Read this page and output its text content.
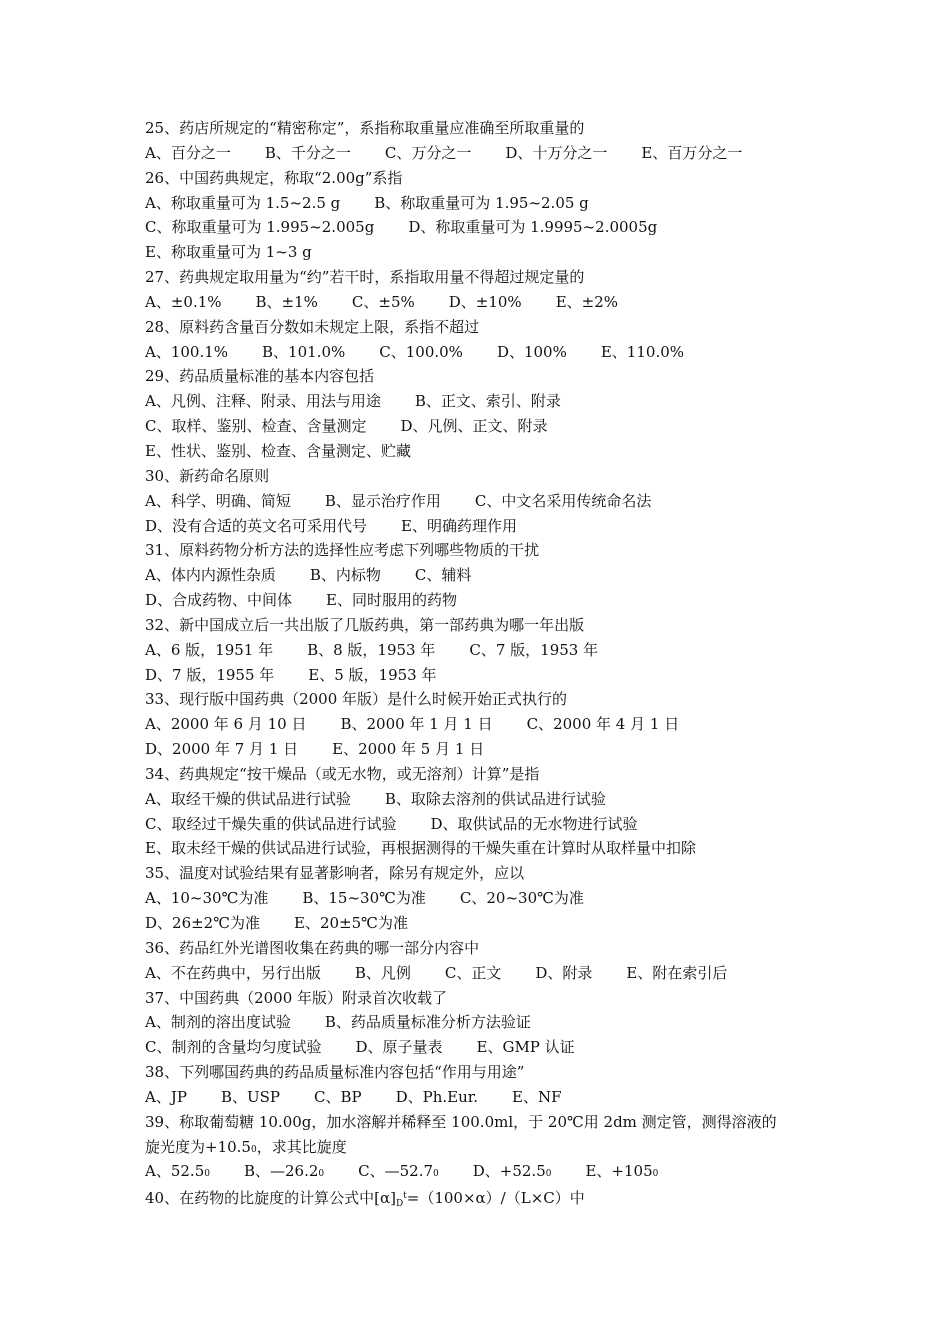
25、药店所规定的“精密称定”，系指称取重量应准确至所取重量的
A、百分之一 B、千分之一 C、万分之一 D、十万分之一 E、百万分之一
26、中国药典规定，称取“2.00g”系指
A、称取重量可为 1.5~2.5 g B、称取重量可为 1.95~2.05 g
C、称取重量可为 1.995~2.005g D、称取重量可为 1.9995~2.0005g
E、称取重量可为 1~3 g
27、药典规定取用量为“约”若干时，系指取用量不得超过规定量的
A、±0.1% B、±1% C、±5% D、±10% E、±2%
28、原料药含量百分数如未规定上限，系指不超过
A、100.1% B、101.0% C、100.0% D、100% E、110.0%
29、药品质量标准的基本内容包括
A、凡例、注释、附录、用法与用途 B、正文、索引、附录
C、取样、鉴别、检查、含量测定 D、凡例、正文、附录
E、性状、鉴别、检查、含量测定、贮藏
30、新药命名原则
A、科学、明确、简短 B、显示治疗作用 C、中文名采用传统命名法
D、没有合适的英文名可采用代号 E、明确药理作用
31、原料药物分析方法的选择性应考虑下列哪些物质的干扰
A、体内内源性杂质 B、内标物 C、辅料
D、合成药物、中间体 E、同时服用的药物
32、新中国成立后一共出版了几版药典，第一部药典为哪一年出版
A、6 版，1951 年 B、8 版，1953 年 C、7 版，1953 年
D、7 版，1955 年 E、5 版，1953 年
33、现行版中国药典（2000 年版）是什么时候开始正式执行的
A、2000 年 6 月 10 日 B、2000 年 1 月 1 日 C、2000 年 4 月 1 日
D、2000 年 7 月 1 日 E、2000 年 5 月 1 日
34、药典规定“按干燥品（或无水物，或无溶剂）计算”是指
A、取经干燥的供试品进行试验 B、取除去溶剂的供试品进行试验
C、取经过干燥失重的供试品进行试验 D、取供试品的无水物进行试验
E、取未经干燥的供试品进行试验，再根据测得的干燥失重在计算时从取样量中扣除
35、温度对试验结果有显著影响者，除另有规定外，应以
A、10~30℃为准 B、15~30℃为准 C、20~30℃为准
D、26±2℃为准 E、20±5℃为准
36、药品红外光谱图收集在药典的哪一部分内容中
A、不在药典中，另行出版 B、凡例 C、正文 D、附录 E、附在索引后
37、中国药典（2000 年版）附录首次收载了
A、制剂的溶出度试验 B、药品质量标准分析方法验证
C、制剂的含量均匀度试验 D、原子量表 E、GMP 认证
38、下列哪国药典的药品质量标准内容包括“作用与用途”
A、JP B、USP C、BP D、Ph.Eur. E、NF
39、称取葡萄糖 10.00g，加水溶解并稀释至 100.0ml，于 20℃用 2dm 测定管，测得溶液的
旋光度为+10.50，求其比旋度
A、52.50 B、—26.20 C、—52.70 D、+52.50 E、+1050
40、在药物的比旋度的计算公式中$[\alpha]_D^t=(100\times\alpha)/(L\times C)$中
